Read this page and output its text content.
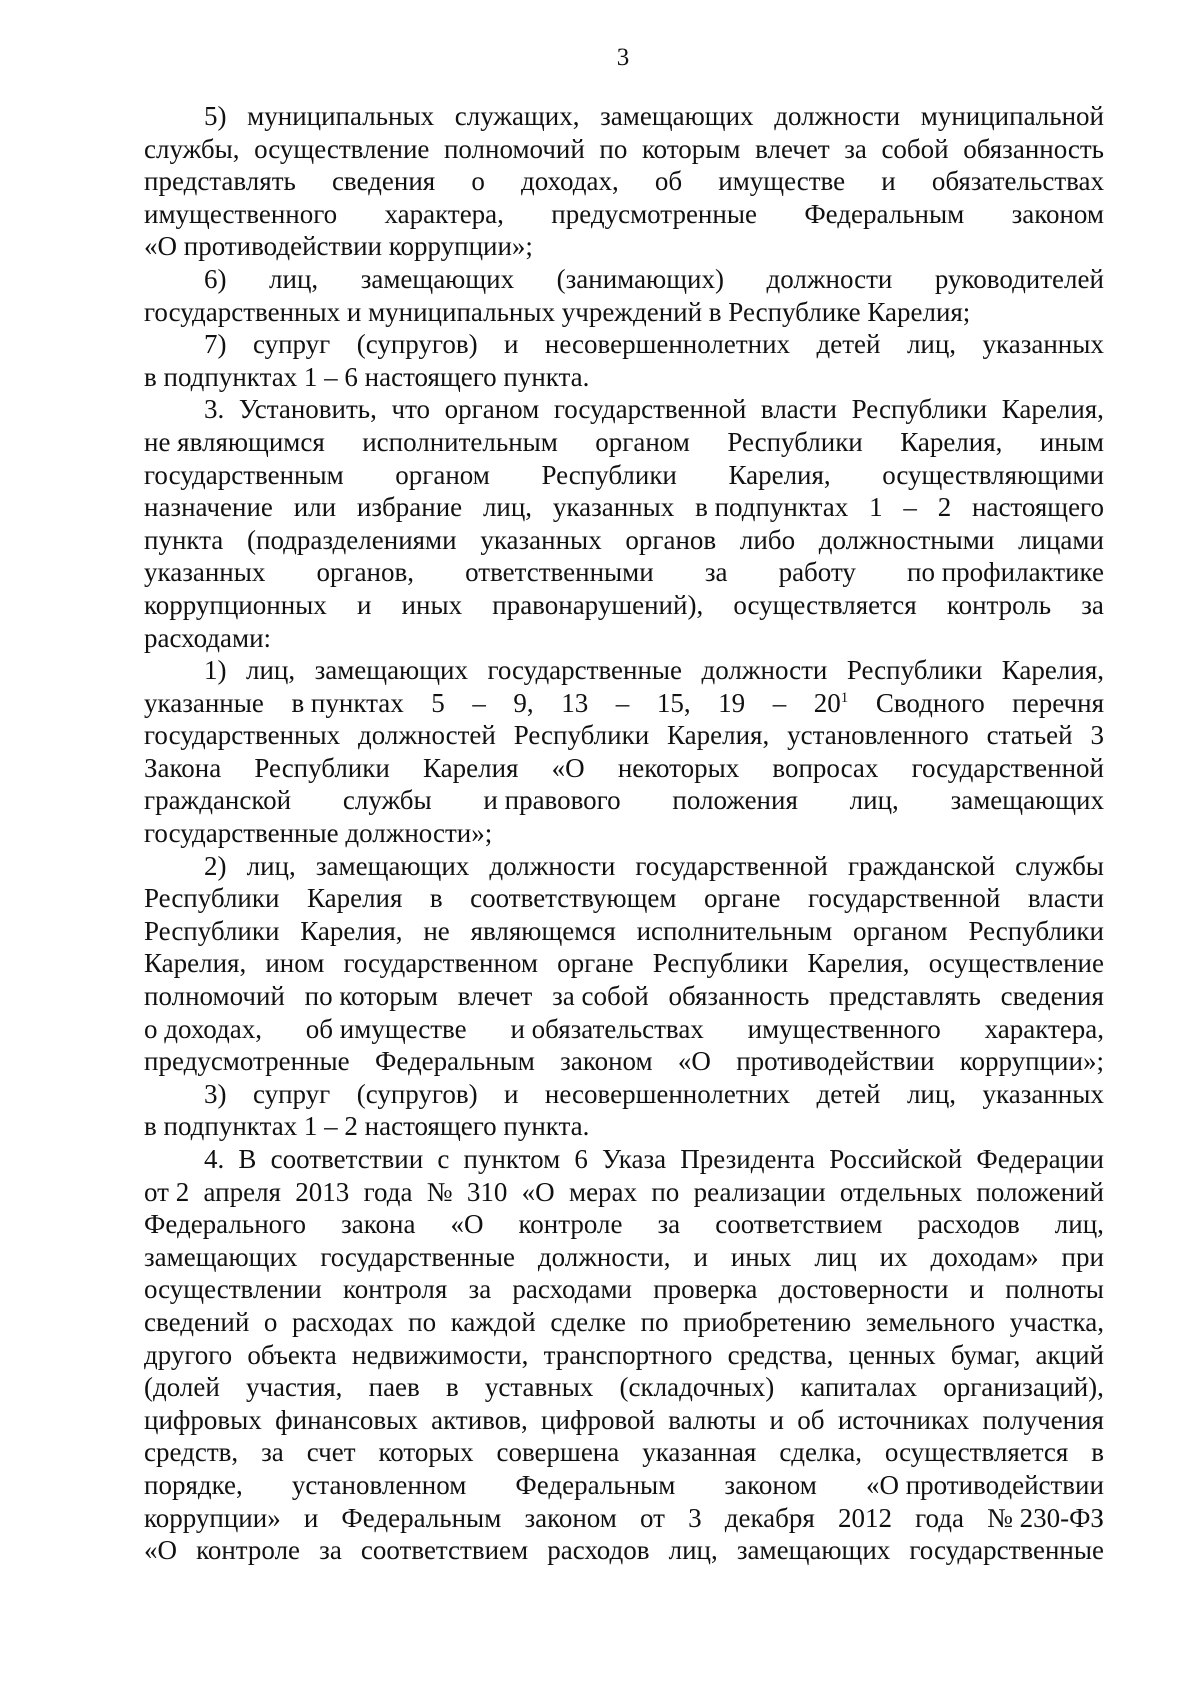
3
5) муниципальных служащих, замещающих должности муниципальной
службы, осуществление полномочий по которым влечет за собой обязанность
представлять сведения о доходах, об имуществе и обязательствах
имущественного характера, предусмотренные Федеральным законом
«О противодействии коррупции»;
6) лиц, замещающих (занимающих) должности руководителей
государственных и муниципальных учреждений в Республике Карелия;
7) супруг (супругов) и несовершеннолетних детей лиц, указанных
в подпунктах 1 – 6 настоящего пункта.
3. Установить, что органом государственной власти Республики Карелия,
не являющимся исполнительным органом Республики Карелия, иным
государственным органом Республики Карелия, осуществляющими
назначение или избрание лиц, указанных в подпунктах 1 – 2 настоящего
пункта (подразделениями указанных органов либо должностными лицами
указанных органов, ответственными за работу по профилактике
коррупционных и иных правонарушений), осуществляется контроль за
расходами:
1) лиц, замещающих государственные должности Республики Карелия,
указанные в пунктах 5 – 9, 13 – 15, $19 - 20^1$ Сводного перечня
государственных должностей Республики Карелия, установленного статьей 3
Закона Республики Карелия «О некоторых вопросах государственной
гражданской службы и правового положения лиц, замещающих
государственные должности»;
2) лиц, замещающих должности государственной гражданской службы
Республики Карелия в соответствующем органе государственной власти
Республики Карелия, не являющемся исполнительным органом Республики
Карелия, ином государственном органе Республики Карелия, осуществление
полномочий по которым влечет за собой обязанность представлять сведения
о доходах, об имуществе и обязательствах имущественного характера,
предусмотренные Федеральным законом «О противодействии коррупции»;
3) супруг (супругов) и несовершеннолетних детей лиц, указанных
в подпунктах 1 – 2 настоящего пункта.
4. В соответствии с пунктом 6 Указа Президента Российской Федерации
от 2 апреля 2013 года № 310 «О мерах по реализации отдельных положений
Федерального закона «О контроле за соответствием расходов лиц,
замещающих государственные должности, и иных лиц их доходам» при
осуществлении контроля за расходами проверка достоверности и полноты
сведений о расходах по каждой сделке по приобретению земельного участка,
другого объекта недвижимости, транспортного средства, ценных бумаг, акций
(долей участия, паев в уставных (складочных) капиталах организаций),
цифровых финансовых активов, цифровой валюты и об источниках получения
средств, за счет которых совершена указанная сделка, осуществляется в
порядке, установленном Федеральным законом «О противодействии
коррупции» и Федеральным законом от 3 декабря 2012 года № 230-ФЗ
«О контроле за соответствием расходов лиц, замещающих государственные
